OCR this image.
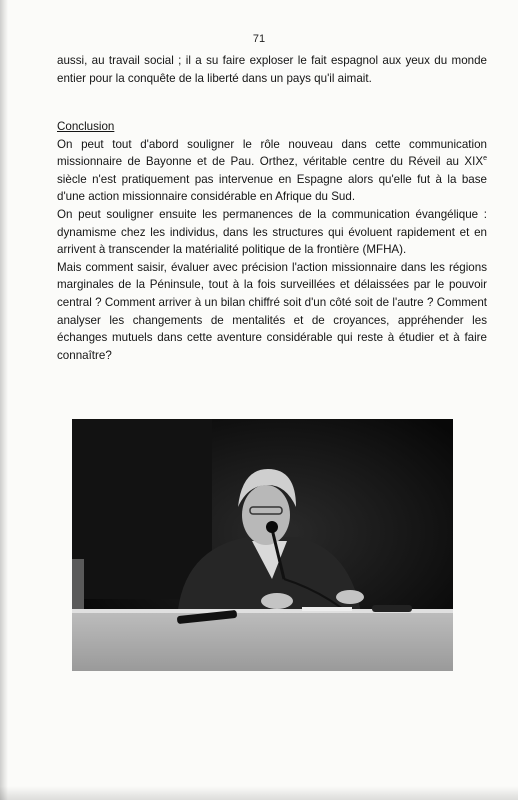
71

aussi, au travail social ; il a su faire exploser le fait espagnol aux yeux du monde entier pour la conquête de la liberté dans un pays qu'il aimait.

Conclusion

On peut tout d'abord souligner le rôle nouveau dans cette communication missionnaire de Bayonne et de Pau. Orthez, véritable centre du Réveil au XIXe siècle n'est pratiquement pas intervenue en Espagne alors qu'elle fut à la base d'une action missionnaire considérable en Afrique du Sud.

On peut souligner ensuite les permanences de la communication évangélique : dynamisme chez les individus, dans les structures qui évoluent rapidement et en arrivent à transcender la matérialité politique de la frontière (MFHA).

Mais comment saisir, évaluer avec précision l'action missionnaire dans les régions marginales de la Péninsule, tout à la fois surveillées et délaissées par le pouvoir central ? Comment arriver à un bilan chiffré soit d'un côté soit de l'autre ? Comment analyser les changements de mentalités et de croyances, appréhender les échanges mutuels dans cette aventure considérable qui reste à étudier et à faire connaître?
